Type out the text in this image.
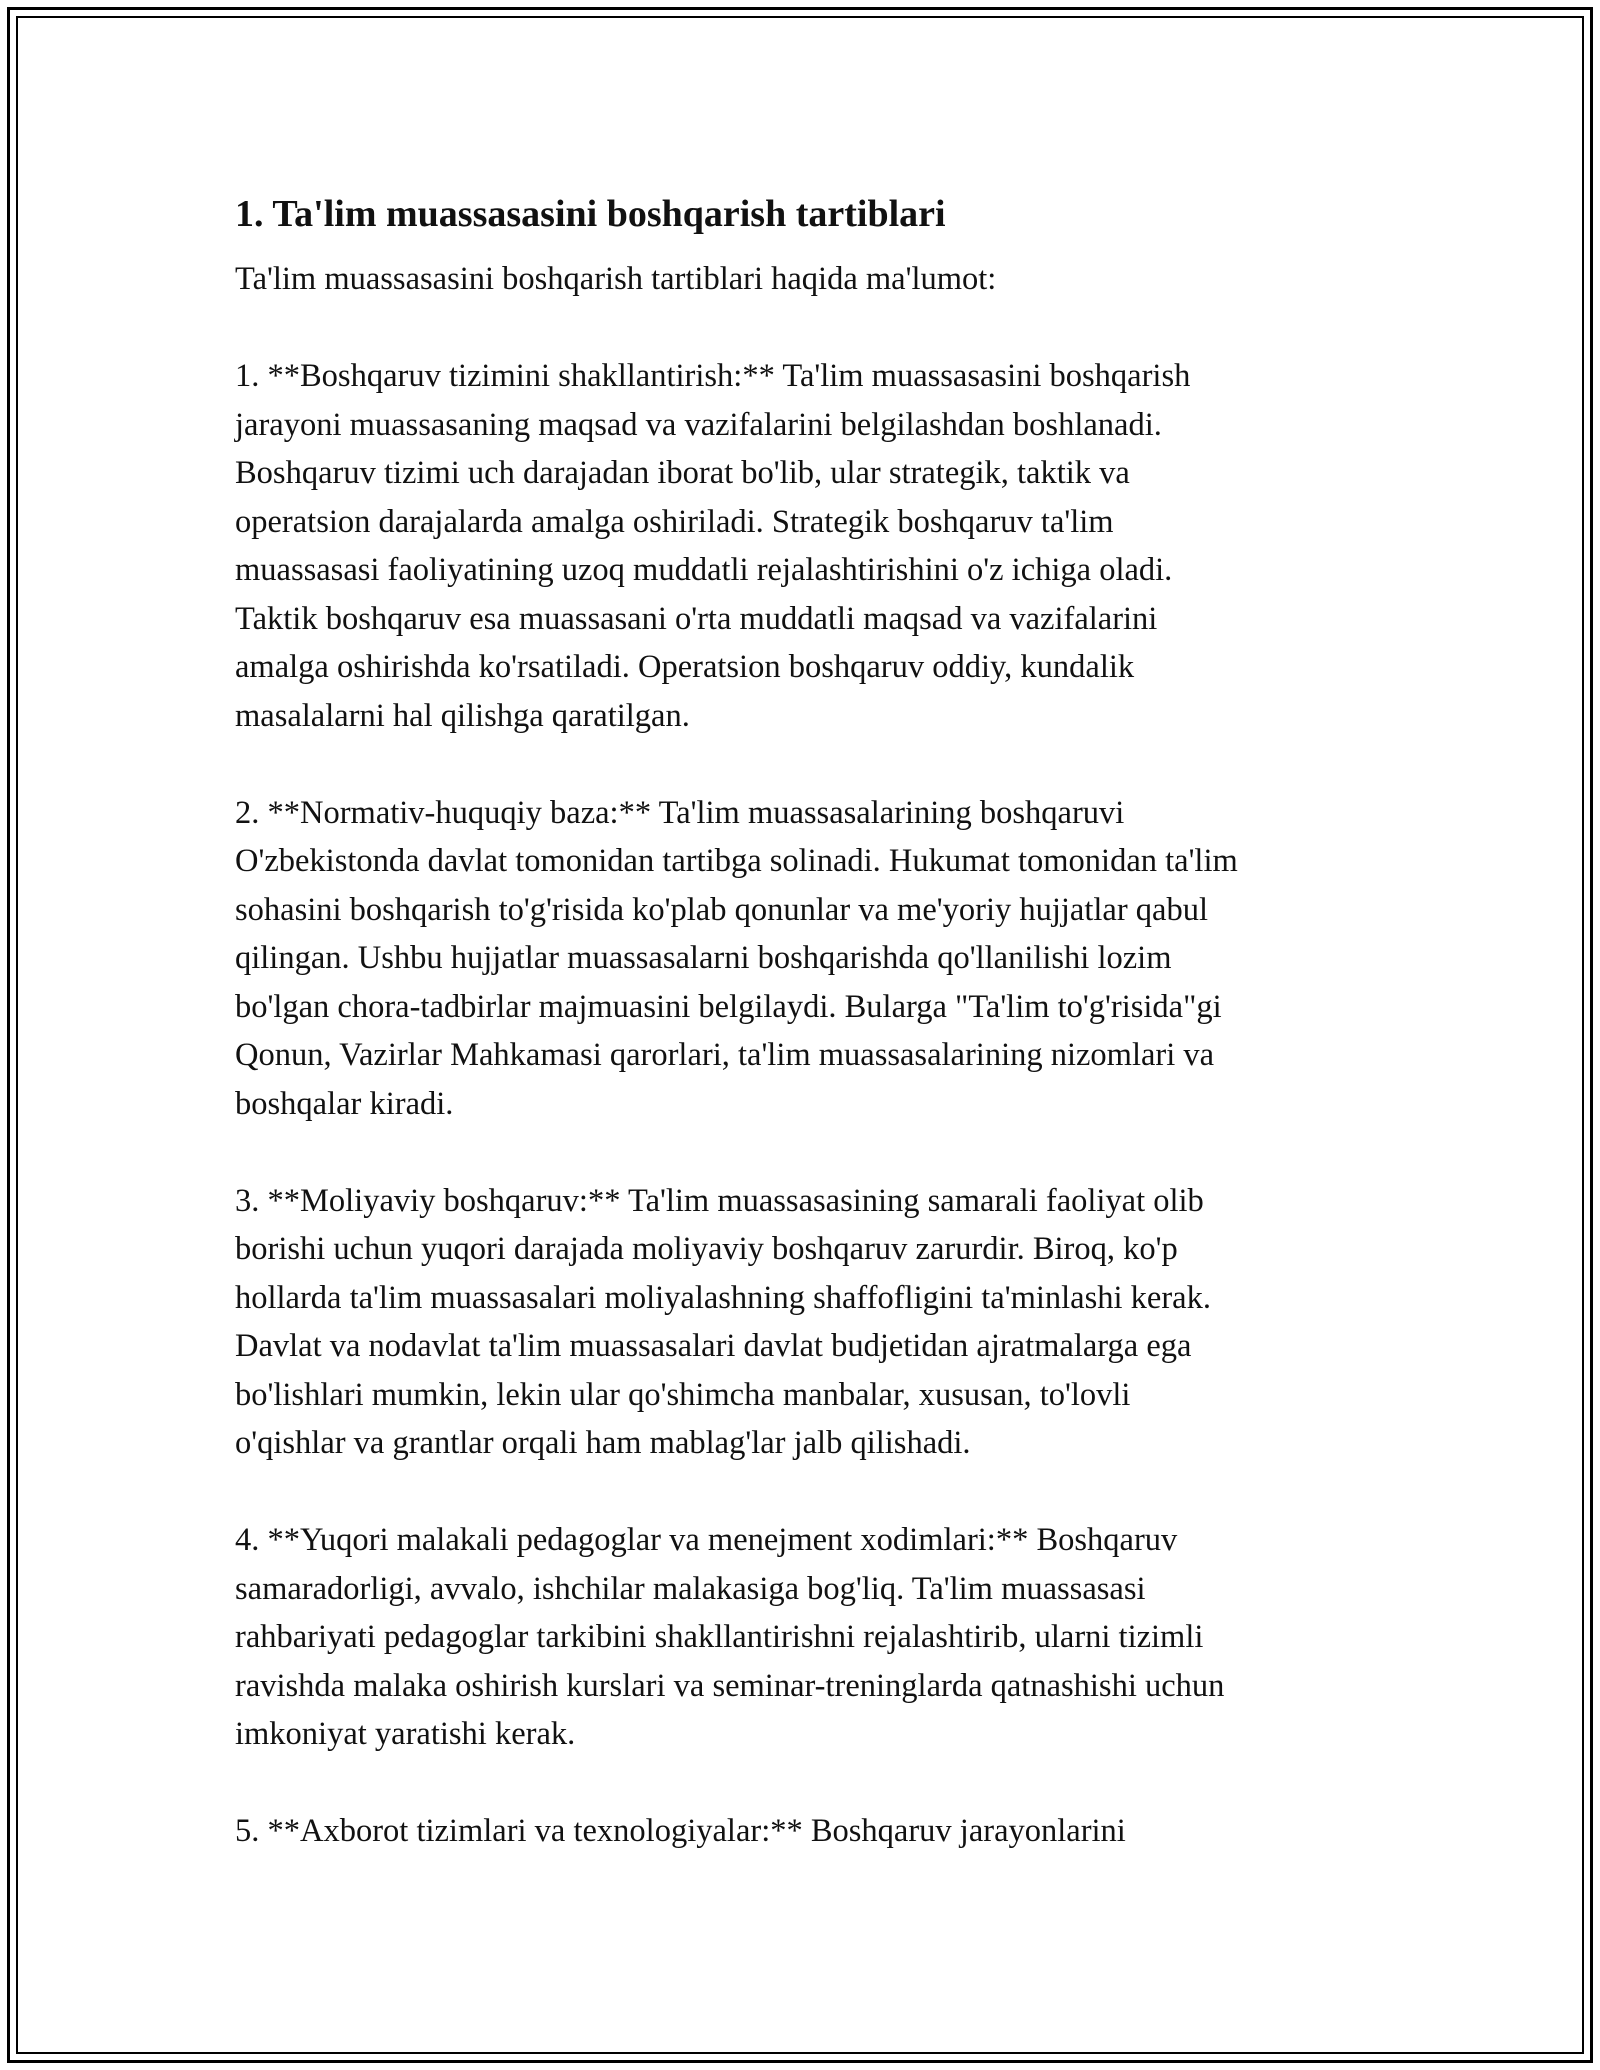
1. Ta'lim muassasasini boshqarish tartiblari

Ta'lim muassasasini boshqarish tartiblari haqida ma'lumot:

1. **Boshqaruv tizimini shakllantirish:** Ta'lim muassasasini boshqarish

jarayoni muassasaning maqsad va vazifalarini belgilashdan boshlanadi.

Boshqaruv tizimi uch darajadan iborat bo'lib, ular strategik, taktik va

operatsion darajalarda amalga oshiriladi. Strategik boshqaruv ta'lim

muassasasi faoliyatining uzoq muddatli rejalashtirishini o'z ichiga oladi.

Taktik boshqaruv esa muassasani o'rta muddatli maqsad va vazifalarini

amalga oshirishda ko'rsatiladi. Operatsion boshqaruv oddiy, kundalik

masalalarni hal qilishga qaratilgan.

2. **Normativ-huquqiy baza:** Ta'lim muassasalarining boshqaruvi

O'zbekistonda davlat tomonidan tartibga solinadi. Hukumat tomonidan ta'lim

sohasini boshqarish to'g'risida ko'plab qonunlar va me'yoriy hujjatlar qabul

qilingan. Ushbu hujjatlar muassasalarni boshqarishda qo'llanilishi lozim

bo'lgan chora-tadbirlar majmuasini belgilaydi. Bularga "Ta'lim to'g'risida"gi

Qonun, Vazirlar Mahkamasi qarorlari, ta'lim muassasalarining nizomlari va

boshqalar kiradi.

3. **Moliyaviy boshqaruv:** Ta'lim muassasasining samarali faoliyat olib

borishi uchun yuqori darajada moliyaviy boshqaruv zarurdir. Biroq, ko'p

hollarda ta'lim muassasalari moliyalashning shaffofligini ta'minlashi kerak.

Davlat va nodavlat ta'lim muassasalari davlat budjetidan ajratmalarga ega

bo'lishlari mumkin, lekin ular qo'shimcha manbalar, xususan, to'lovli

o'qishlar va grantlar orqali ham mablag'lar jalb qilishadi.

4. **Yuqori malakali pedagoglar va menejment xodimlari:** Boshqaruv

samaradorligi, avvalo, ishchilar malakasiga bog'liq. Ta'lim muassasasi

rahbariyati pedagoglar tarkibini shakllantirishni rejalashtirib, ularni tizimli

ravishda malaka oshirish kurslari va seminar-treninglarda qatnashishi uchun

imkoniyat yaratishi kerak.

5. **Axborot tizimlari va texnologiyalar:** Boshqaruv jarayonlarini
